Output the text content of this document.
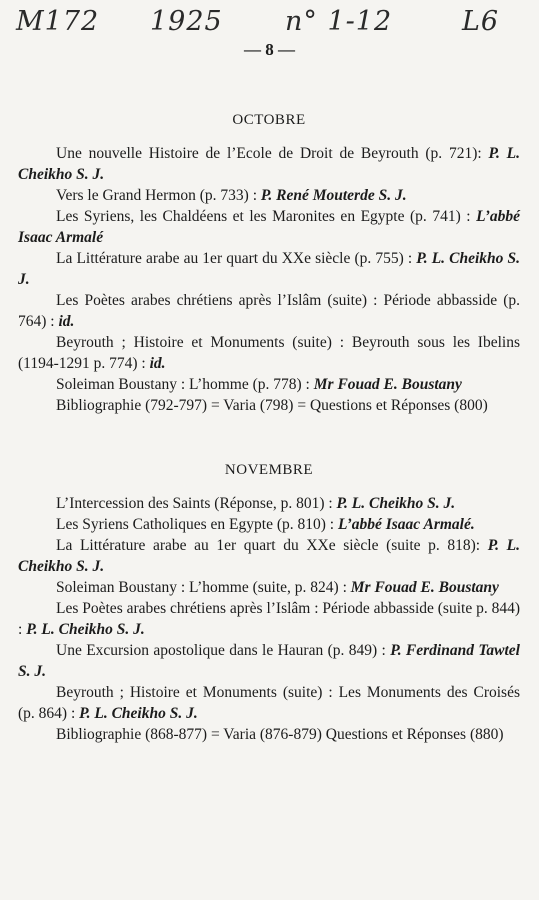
M172 1925 n° 1-12	L6
— 8 —
OCTOBRE

Une nouvelle Histoire de l’Ecole de Droit de Beyrouth (p. 721): P. L. Cheikho S. J.

Vers le Grand Hermon (p. 733) : P. René Mouterde S. J.

Les Syriens, les Chaldéens et les Maronites en Egypte (p. 741) : L’abbé Isaac Armalé

La Littérature arabe au 1er quart du XXe siècle (p. 755) : P. L. Cheikho S. J.

Les Poètes arabes chrétiens après l’Islâm (suite) : Période abbasside (p. 764) : id.

Beyrouth ; Histoire et Monuments (suite) : Beyrouth sous les Ibelins (1194-1291 p. 774) : id.

Soleiman Boustany : L’homme (p. 778) : Mr Fouad E. Boustany

Bibliographie (792-797) = Varia (798) = Questions et Réponses (800)

NOVEMBRE

L’Intercession des Saints (Réponse, p. 801) : P. L. Cheikho S. J.

Les Syriens Catholiques en Egypte (p. 810) : L’abbé Isaac Armalé.

La Littérature arabe au 1er quart du XXe siècle (suite p. 818): P. L. Cheikho S. J.

Soleiman Boustany : L’homme (suite, p. 824) : Mr Fouad E. Boustany

Les Poètes arabes chrétiens après l’Islâm : Période abbasside (suite p. 844) : P. L. Cheikho S. J.

Une Excursion apostolique dans le Hauran (p. 849) : P. Ferdinand Tawtel S. J.

Beyrouth ; Histoire et Monuments (suite) : Les Monuments des Croisés (p. 864) : P. L. Cheikho S. J.

Bibliographie (868-877) = Varia (876-879) Questions et Réponses (880)
